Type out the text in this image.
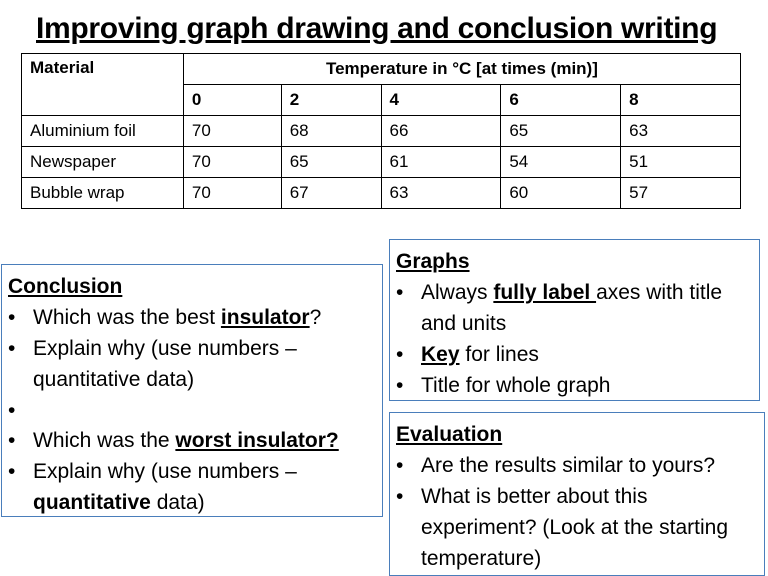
Improving graph drawing and conclusion writing
Material	Temperature in °C [at times (min)]				
	0	2	4	6	8
Aluminium foil	70	68	66	65	63
Newspaper	70	65	61	54	51
Bubble wrap	70	67	63	60	57
Conclusion
• Which was the best insulator?
• Explain why (use numbers – quantitative data)
•
• Which was the worst insulator?
• Explain why (use numbers – quantitative data)
Graphs
• Always fully label axes with title and units
• Key for lines
• Title for whole graph
Evaluation
• Are the results similar to yours?
• What is better about this experiment? (Look at the starting temperature)
